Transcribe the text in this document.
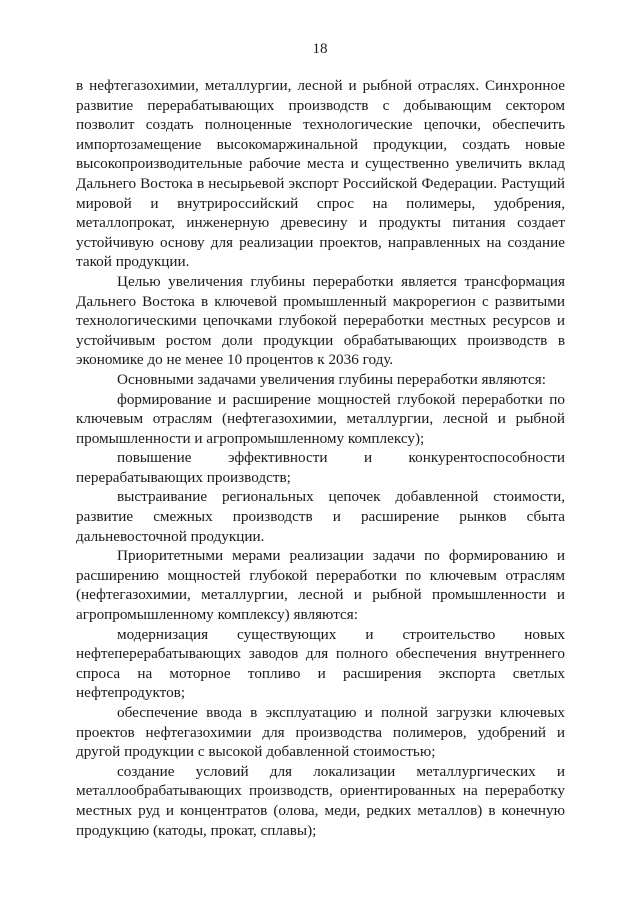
18

в нефтегазохимии, металлургии, лесной и рыбной отраслях. Синхронное развитие перерабатывающих производств с добывающим сектором позволит создать полноценные технологические цепочки, обеспечить импортозамещение высокомаржинальной продукции, создать новые высокопроизводительные рабочие места и существенно увеличить вклад Дальнего Востока в несырьевой экспорт Российской Федерации. Растущий мировой и внутрироссийский спрос на полимеры, удобрения, металлопрокат, инженерную древесину и продукты питания создает устойчивую основу для реализации проектов, направленных на создание такой продукции.

Целью увеличения глубины переработки является трансформация Дальнего Востока в ключевой промышленный макрорегион с развитыми технологическими цепочками глубокой переработки местных ресурсов и устойчивым ростом доли продукции обрабатывающих производств в экономике до не менее 10 процентов к 2036 году.

Основными задачами увеличения глубины переработки являются:

формирование и расширение мощностей глубокой переработки по ключевым отраслям (нефтегазохимии, металлургии, лесной и рыбной промышленности и агропромышленному комплексу);

повышение эффективности и конкурентоспособности перерабатывающих производств;

выстраивание региональных цепочек добавленной стоимости, развитие смежных производств и расширение рынков сбыта дальневосточной продукции.

Приоритетными мерами реализации задачи по формированию и расширению мощностей глубокой переработки по ключевым отраслям (нефтегазохимии, металлургии, лесной и рыбной промышленности и агропромышленному комплексу) являются:

модернизация существующих и строительство новых нефтеперерабатывающих заводов для полного обеспечения внутреннего спроса на моторное топливо и расширения экспорта светлых нефтепродуктов;

обеспечение ввода в эксплуатацию и полной загрузки ключевых проектов нефтегазохимии для производства полимеров, удобрений и другой продукции с высокой добавленной стоимостью;

создание условий для локализации металлургических и металлообрабатывающих производств, ориентированных на переработку местных руд и концентратов (олова, меди, редких металлов) в конечную продукцию (катоды, прокат, сплавы);
